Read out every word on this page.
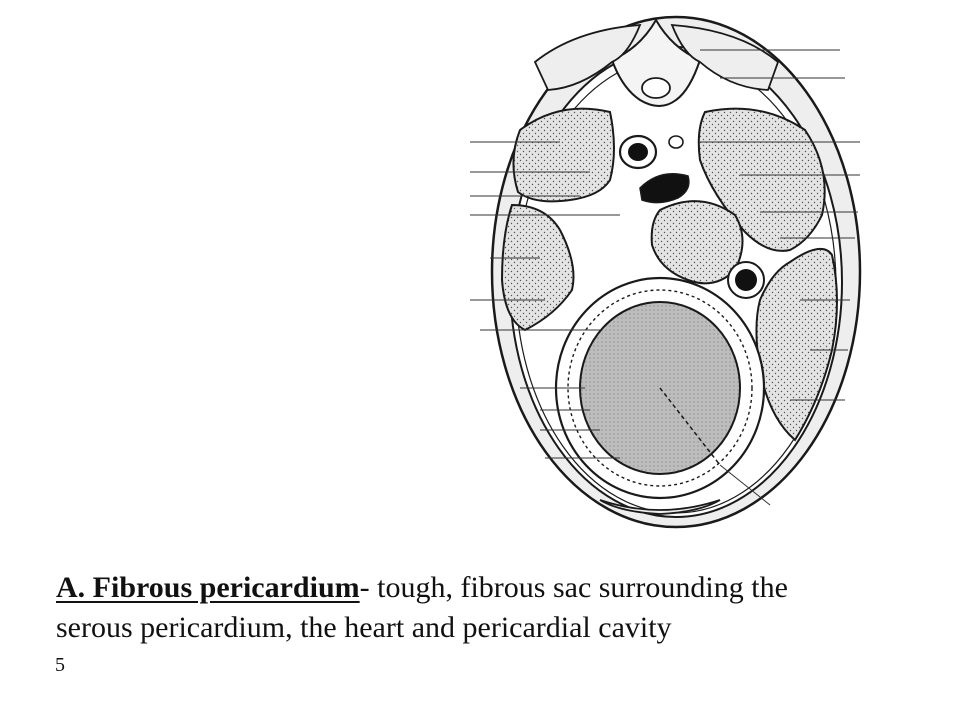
A. Fibrous pericardium- tough, fibrous sac surrounding the serous pericardium, the heart and pericardial cavity
5
